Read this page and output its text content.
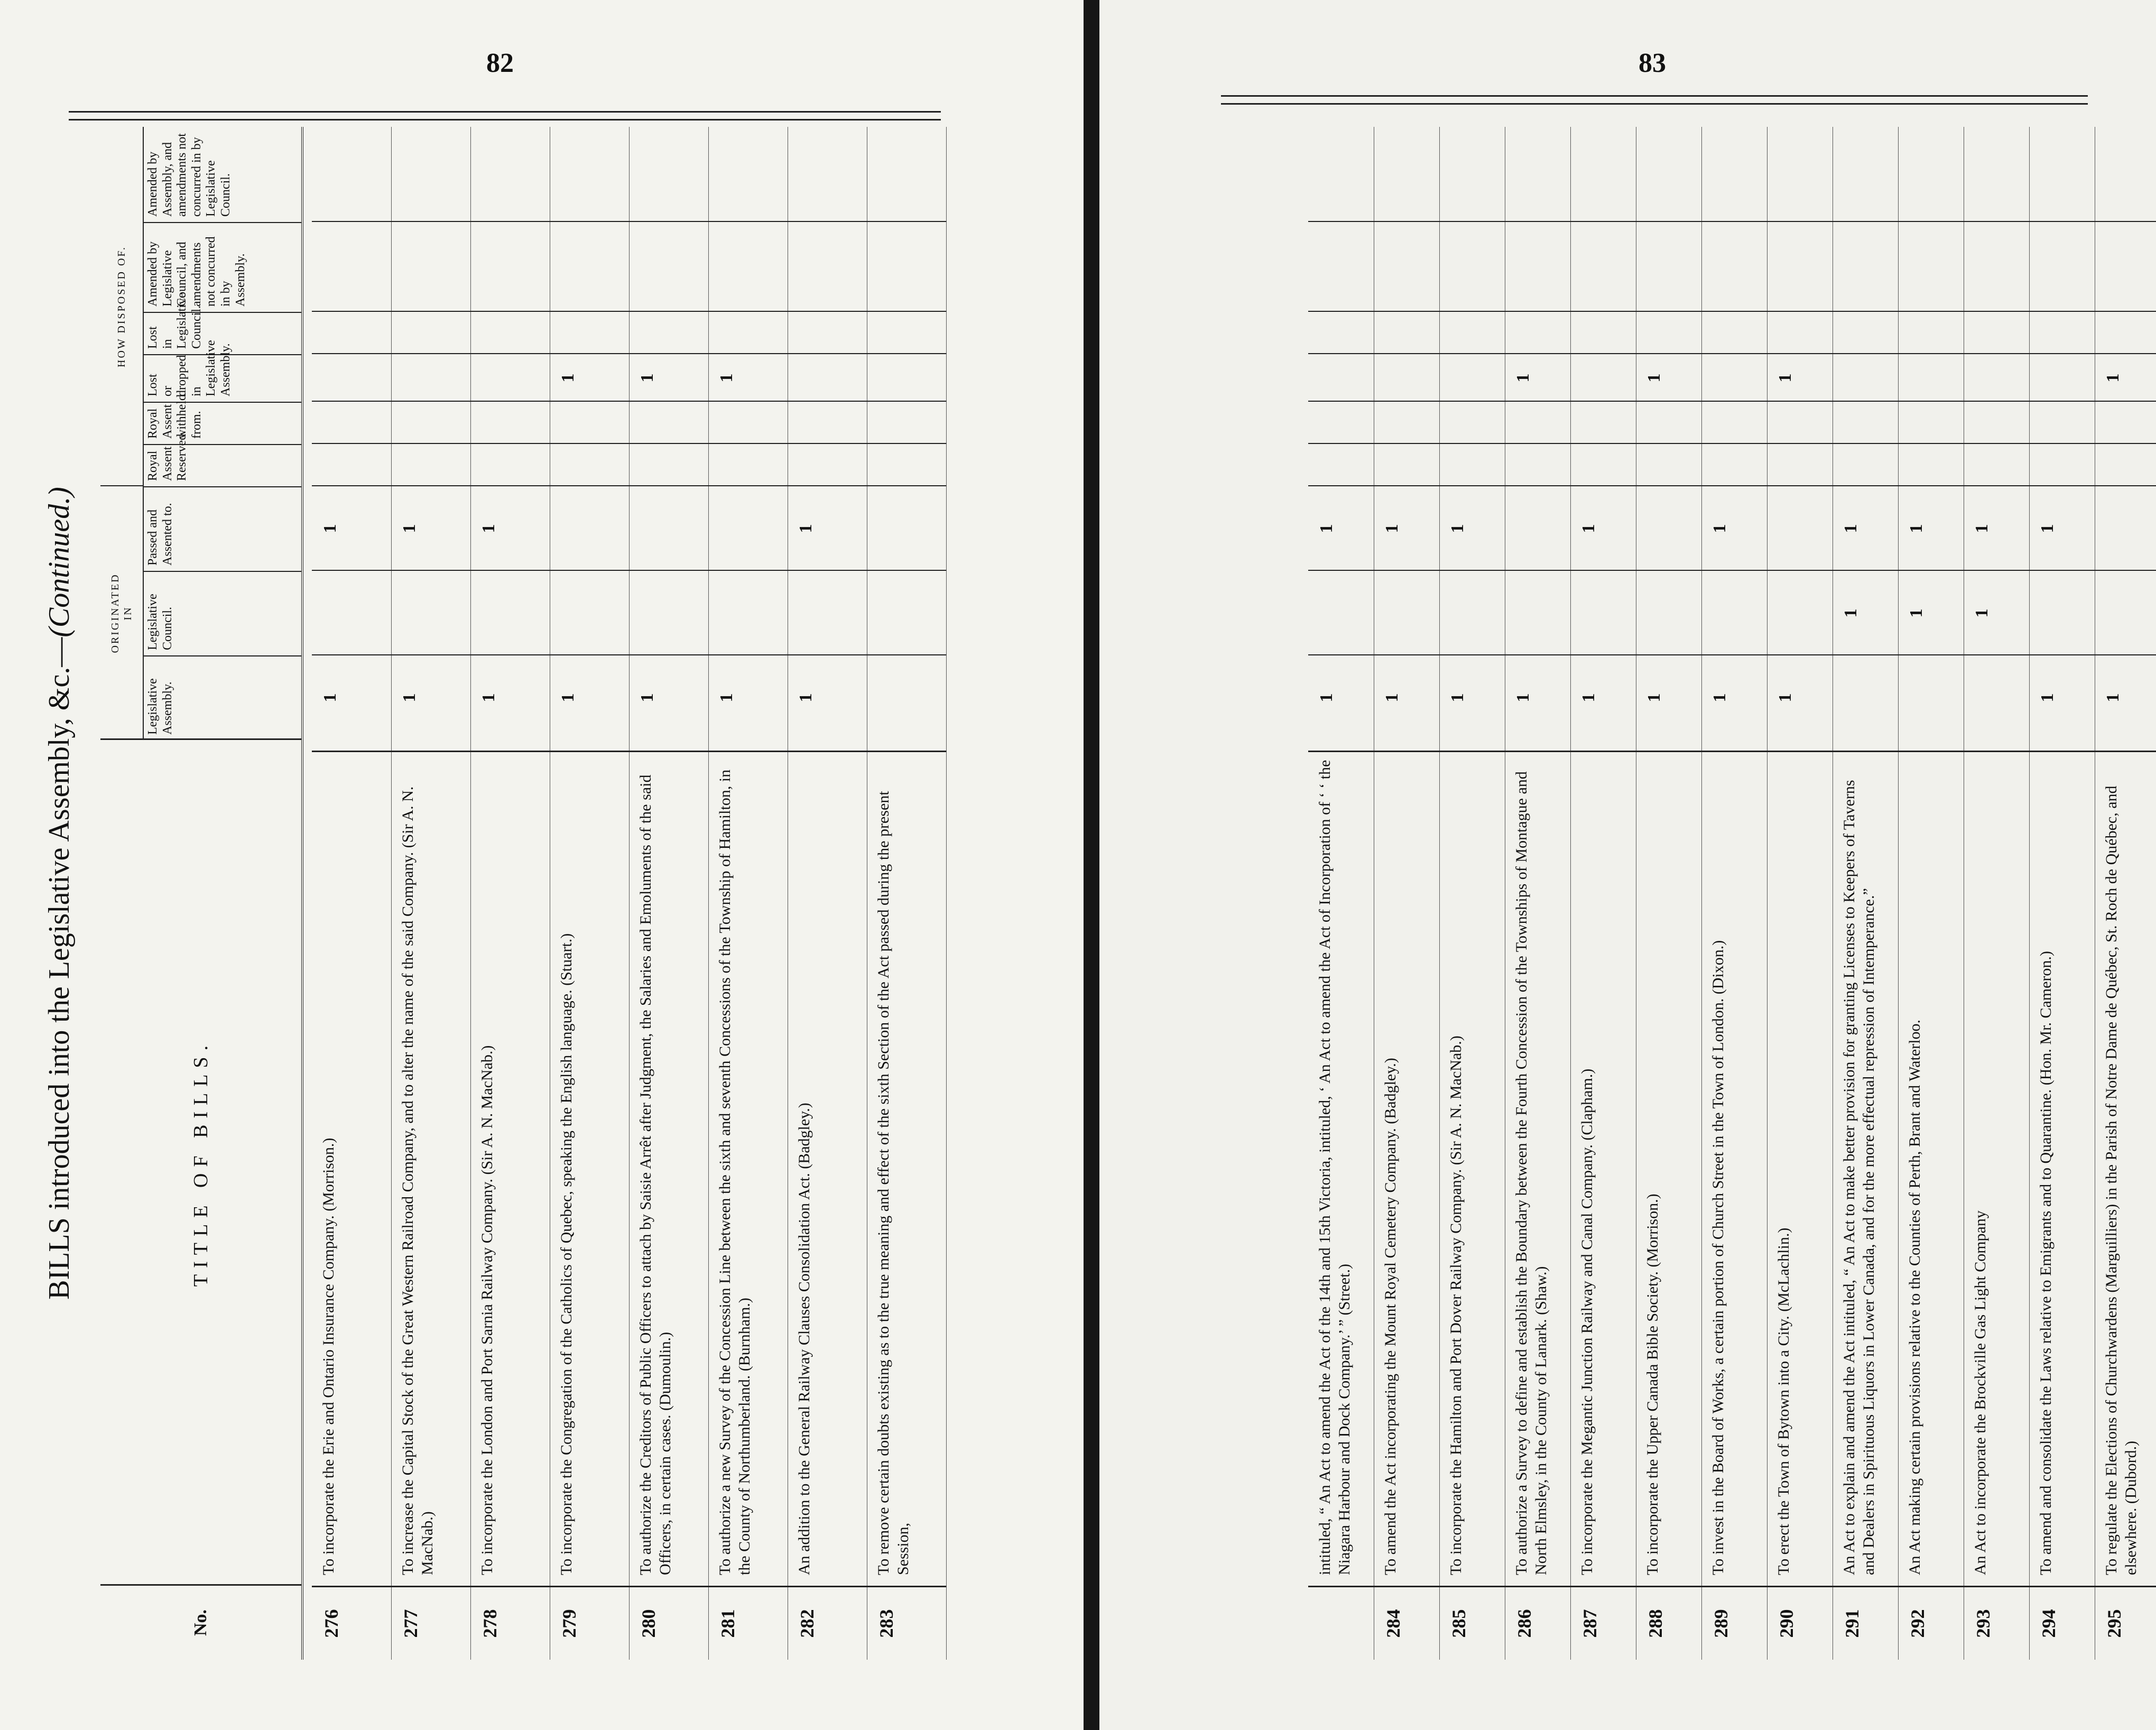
82	83
BILLS introduced into the Legislative Assembly, &c.—(Continued.)
No.
TITLE OF BILLS.
ORIGINATED IN
HOW DISPOSED OF.
Legislative Assembly.
Legislative Council.
Passed and Assented to.
Royal Assent Reserved.
Royal Assent withheld from.
Lost or dropped in Legislative Assembly.
Lost in Legislative Council.
Amended by Legislative Council, and amendments not concurred in by Assembly.
Amended by Assembly, and amendments not concurred in by Legislative Council.
276
To incorporate the Erie and Ontario Insurance Company. (Morrison.)
1
1
277
To increase the Capital Stock of the Great Western Railroad Company, and to alter the name of the said Company. (Sir A. N. MacNab.)
1
1
278
To incorporate the London and Port Sarnia Railway Company. (Sir A. N. MacNab.)
1
1
279
To incorporate the Congregation of the Catholics of Quebec, speaking the English language. (Stuart.)
1
1
280
To authorize the Creditors of Public Officers to attach by Saisie Arrêt after Judgment, the Salaries and Emoluments of the said Officers, in certain cases. (Dumoulin.)
1
1
281
To authorize a new Survey of the Concession Line between the sixth and seventh Concessions of the Township of Hamilton, in the County of Northumberland. (Burnham.)
1
1
282
An addition to the General Railway Clauses Consolidation Act. (Badgley.)
1
1
283
To remove certain doubts existing as to the true meaning and effect of the sixth Section of the Act passed during the present Session,	intituled, “ An Act to amend the Act of the 14th and 15th Victoria, intituled, ‘ An Act to amend the Act of Incorporation of ‘ ‘ the Niagara Harbour and Dock Company.’ ” (Street.)
1
1
284
To amend the Act incorporating the Mount Royal Cemetery Company. (Badgley.)
1
1
285
To incorporate the Hamilton and Port Dover Railway Company. (Sir A. N. MacNab.)
1
1
286
To authorize a Survey to define and establish the Boundary between the Fourth Concession of the Townships of Montague and North Elmsley, in the County of Lanark. (Shaw.)
1
1
287
To incorporate the Megantic Junction Railway and Canal Company. (Clapham.)
1
1
288
To incorporate the Upper Canada Bible Society. (Morrison.)
1
1
289
To invest in the Board of Works, a certain portion of Church Street in the Town of London. (Dixon.)
1
1
290
To erect the Town of Bytown into a City. (McLachlin.)
1
1
291
An Act to explain and amend the Act intituled, “ An Act to make better provision for granting Licenses to Keepers of Taverns and Dealers in Spirituous Liquors in Lower Canada, and for the more effectual repression of Intemperance.”
1
1
292
An Act making certain provisions relative to the Counties of Perth, Brant and Waterloo.
1
1
293
An Act to incorporate the Brockville Gas Light Company
1
1
294
To amend and consolidate the Laws relative to Emigrants and to Quarantine. (Hon. Mr. Cameron.)
1
1
295
To regulate the Elections of Churchwardens (Marguilliers) in the Parish of Notre Dame de Québec, St. Roch de Québec, and elsewhere. (Dubord.)
1
1
